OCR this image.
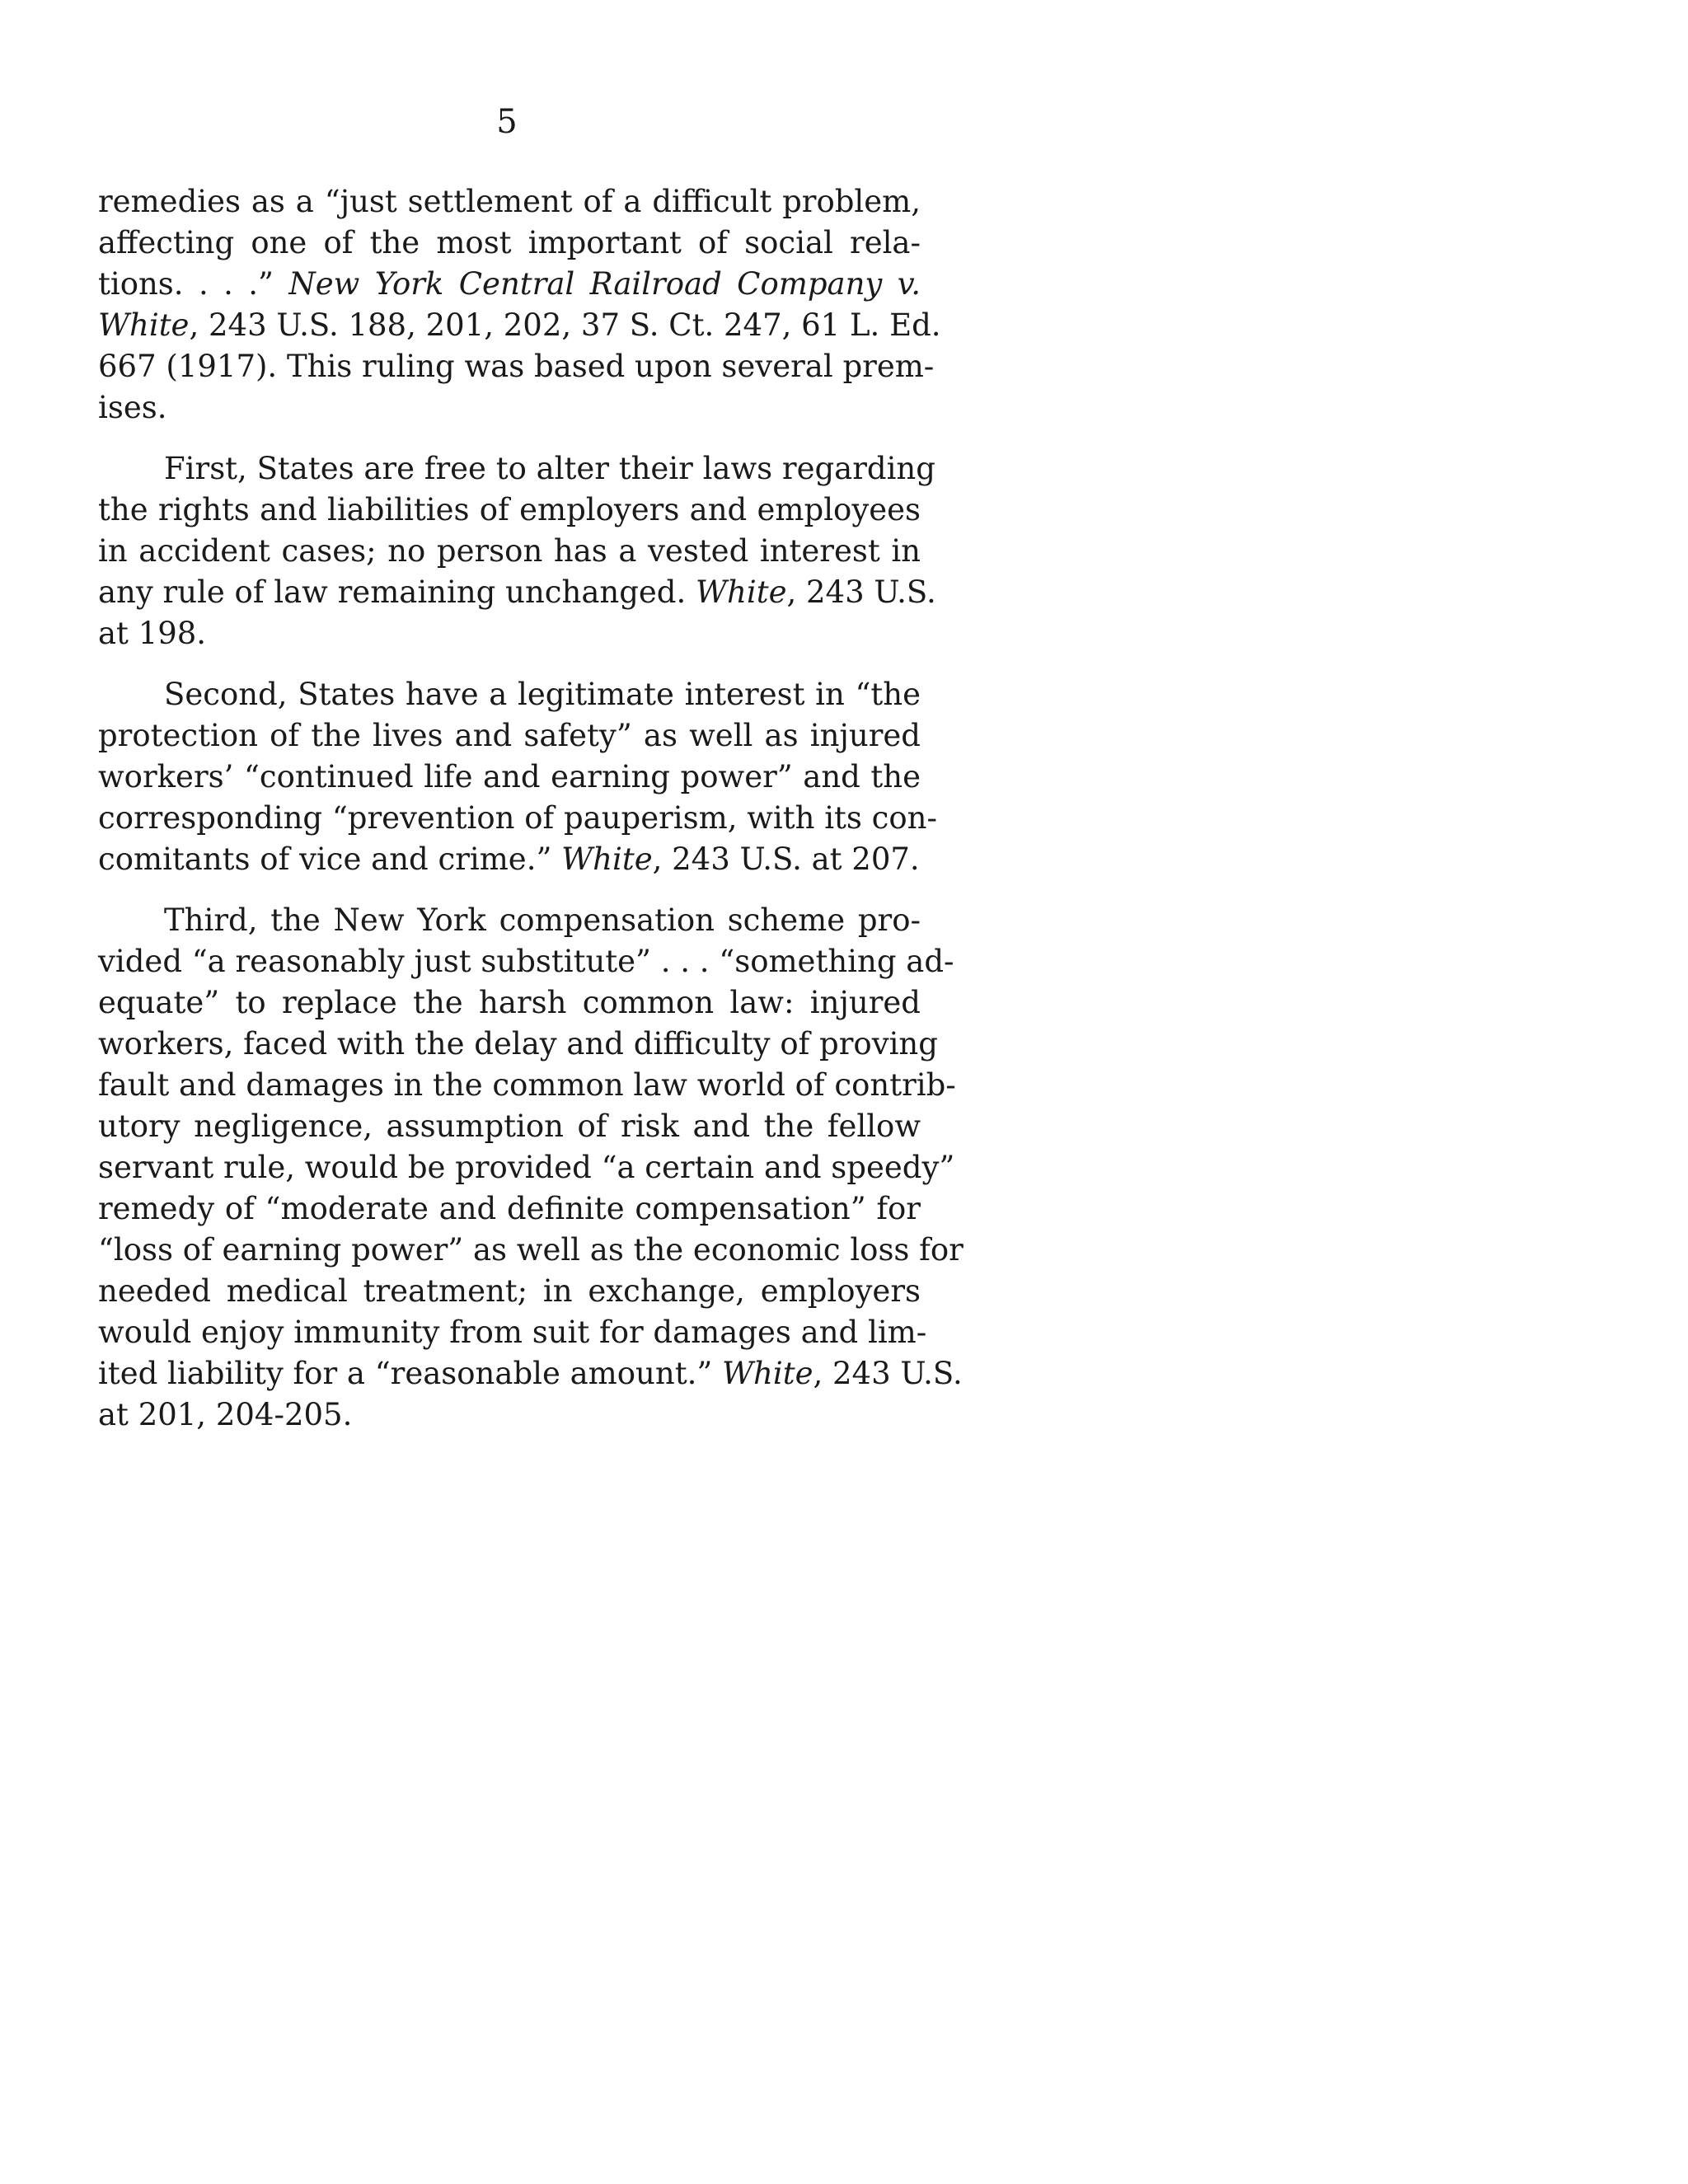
5
remedies as a “just settlement of a difficult problem,
affecting one of the most important of social rela-
tions. . . .” New York Central Railroad Company v.
White, 243 U.S. 188, 201, 202, 37 S. Ct. 247, 61 L. Ed.
667 (1917). This ruling was based upon several prem-
ises.
First, States are free to alter their laws regarding
the rights and liabilities of employers and employees
in accident cases; no person has a vested interest in
any rule of law remaining unchanged. White, 243 U.S.
at 198.
Second, States have a legitimate interest in “the
protection of the lives and safety” as well as injured
workers’ “continued life and earning power” and the
corresponding “prevention of pauperism, with its con-
comitants of vice and crime.” White, 243 U.S. at 207.
Third, the New York compensation scheme pro-
vided “a reasonably just substitute” . . . “something ad-
equate” to replace the harsh common law: injured
workers, faced with the delay and difficulty of proving
fault and damages in the common law world of contrib-
utory negligence, assumption of risk and the fellow
servant rule, would be provided “a certain and speedy”
remedy of “moderate and definite compensation” for
“loss of earning power” as well as the economic loss for
needed medical treatment; in exchange, employers
would enjoy immunity from suit for damages and lim-
ited liability for a “reasonable amount.” White, 243 U.S.
at 201, 204-205.
